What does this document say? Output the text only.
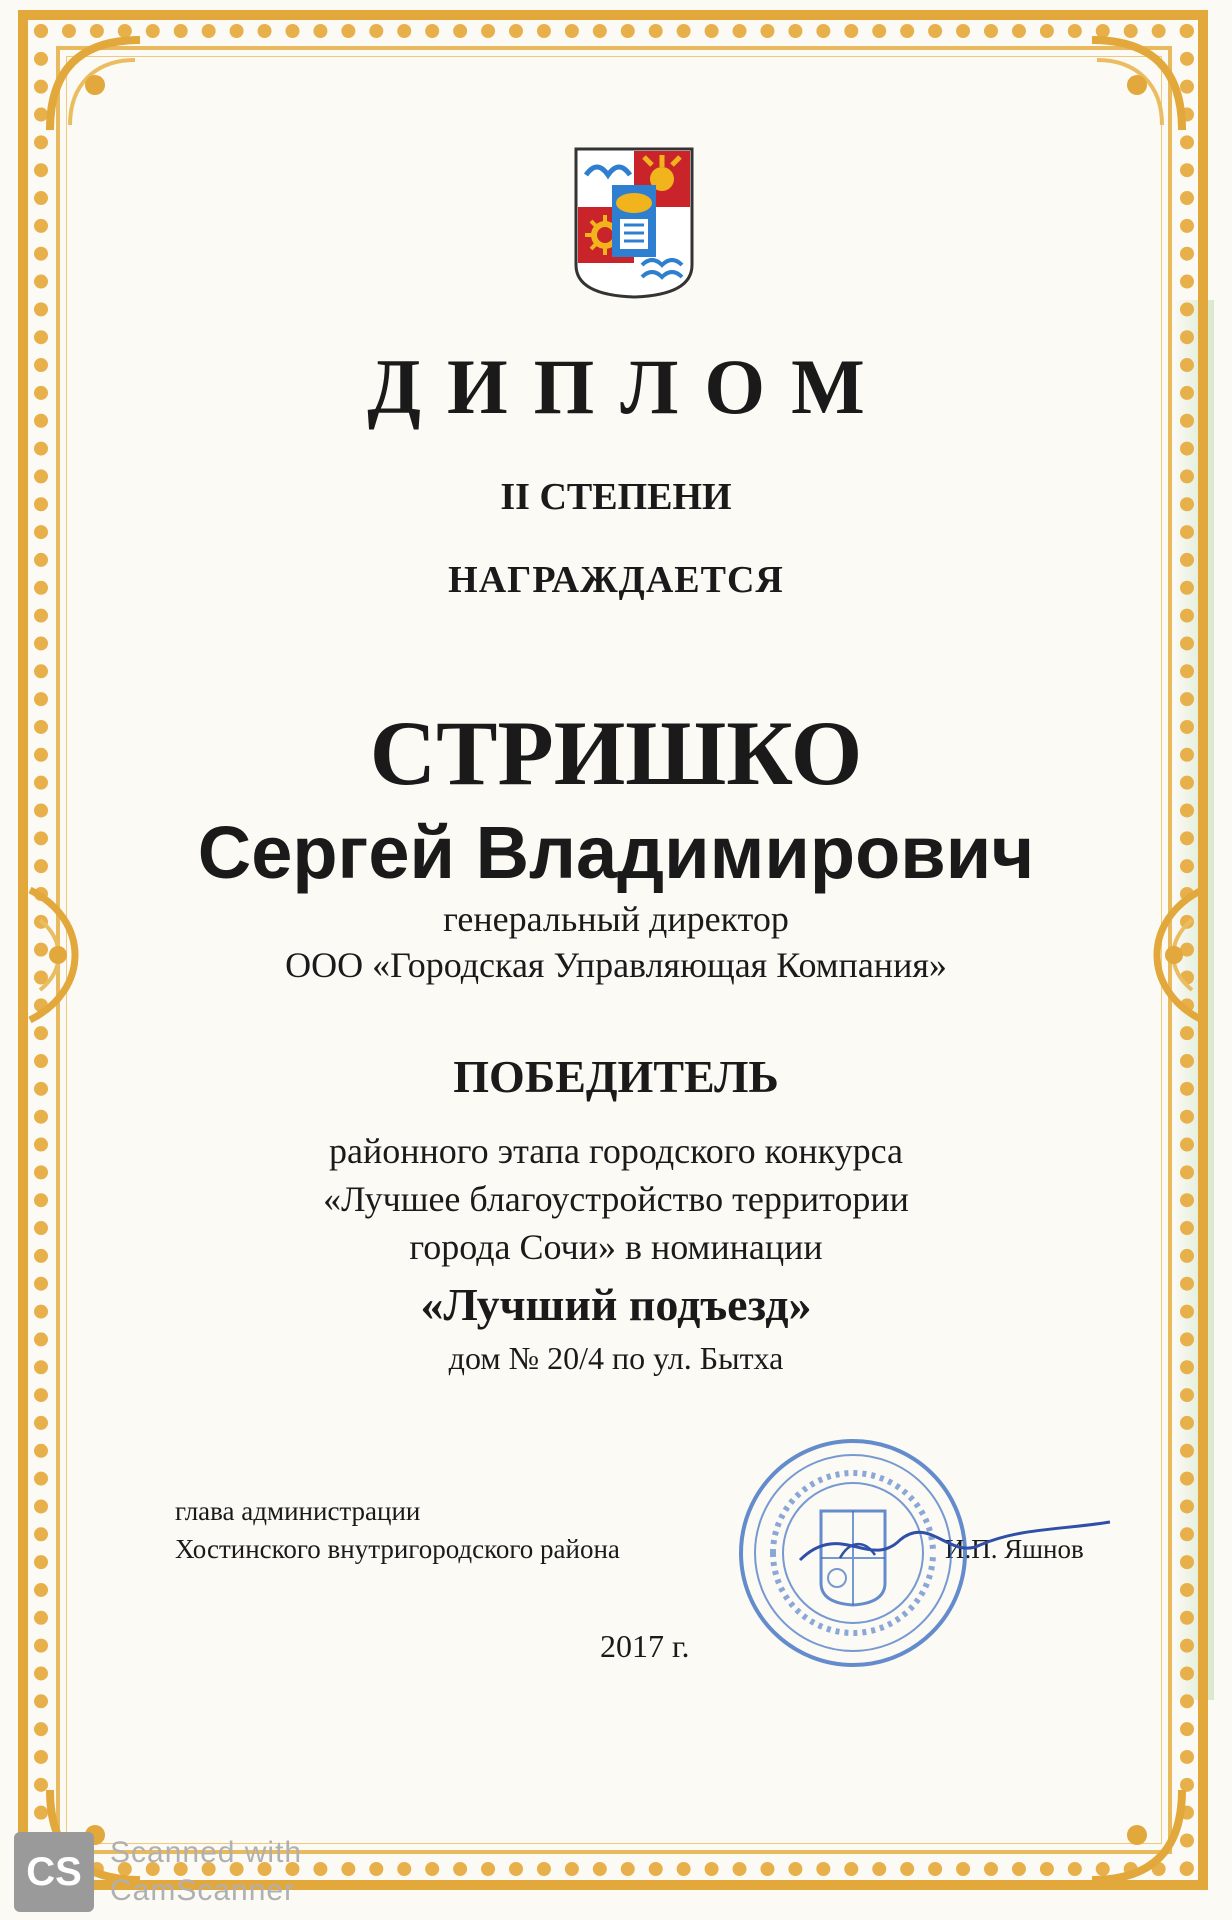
ДИПЛОМ
II СТЕПЕНИ
НАГРАЖДАЕТСЯ
СТРИШКО
Сергей Владимирович
генеральный директор
ООО «Городская Управляющая Компания»
ПОБЕДИТЕЛЬ
районного этапа городского конкурса
«Лучшее благоустройство территории
города Сочи» в номинации
«Лучший подъезд»
дом № 20/4 по ул. Бытха
глава администрации
Хостинского внутригородского района	И.П. Яшнов
2017 г.
CS Scanned with
CamScanner
